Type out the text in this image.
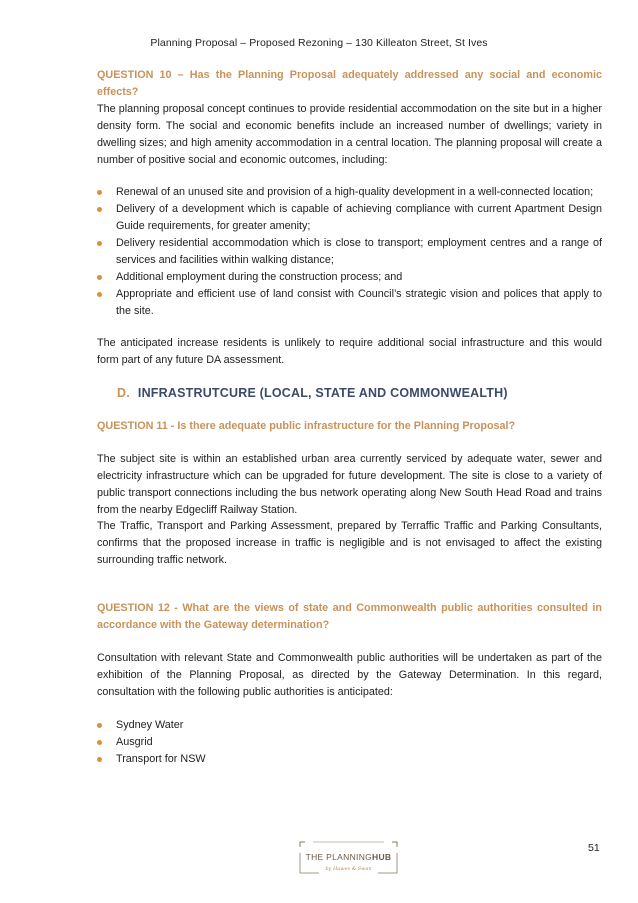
Planning Proposal – Proposed Rezoning – 130 Killeaton Street, St Ives
QUESTION 10 – Has the Planning Proposal adequately addressed any social and economic effects?

The planning proposal concept continues to provide residential accommodation on the site but in a higher density form. The social and economic benefits include an increased number of dwellings; variety in dwelling sizes; and high amenity accommodation in a central location. The planning proposal will create a number of positive social and economic outcomes, including:

Renewal of an unused site and provision of a high-quality development in a well-connected location;
Delivery of a development which is capable of achieving compliance with current Apartment Design Guide requirements, for greater amenity;
Delivery residential accommodation which is close to transport; employment centres and a range of services and facilities within walking distance;
Additional employment during the construction process; and
Appropriate and efficient use of land consist with Council’s strategic vision and polices that apply to the site.

The anticipated increase residents is unlikely to require additional social infrastructure and this would form part of any future DA assessment.

D. INFRASTRUTCURE (LOCAL, STATE AND COMMONWEALTH)
QUESTION 11 - Is there adequate public infrastructure for the Planning Proposal?

The subject site is within an established urban area currently serviced by adequate water, sewer and electricity infrastructure which can be upgraded for future development. The site is close to a variety of public transport connections including the bus network operating along New South Head Road and trains from the nearby Edgecliff Railway Station.

The Traffic, Transport and Parking Assessment, prepared by Terraffic Traffic and Parking Consultants, confirms that the proposed increase in traffic is negligible and is not envisaged to affect the existing surrounding traffic network.

QUESTION 12 - What are the views of state and Commonwealth public authorities consulted in accordance with the Gateway determination?

Consultation with relevant State and Commonwealth public authorities will be undertaken as part of the exhibition of the Planning Proposal, as directed by the Gateway Determination. In this regard, consultation with the following public authorities is anticipated:

Sydney Water
Ausgrid
Transport for NSW
THE PLANNINGHUB
by Hawes & Swan
51
